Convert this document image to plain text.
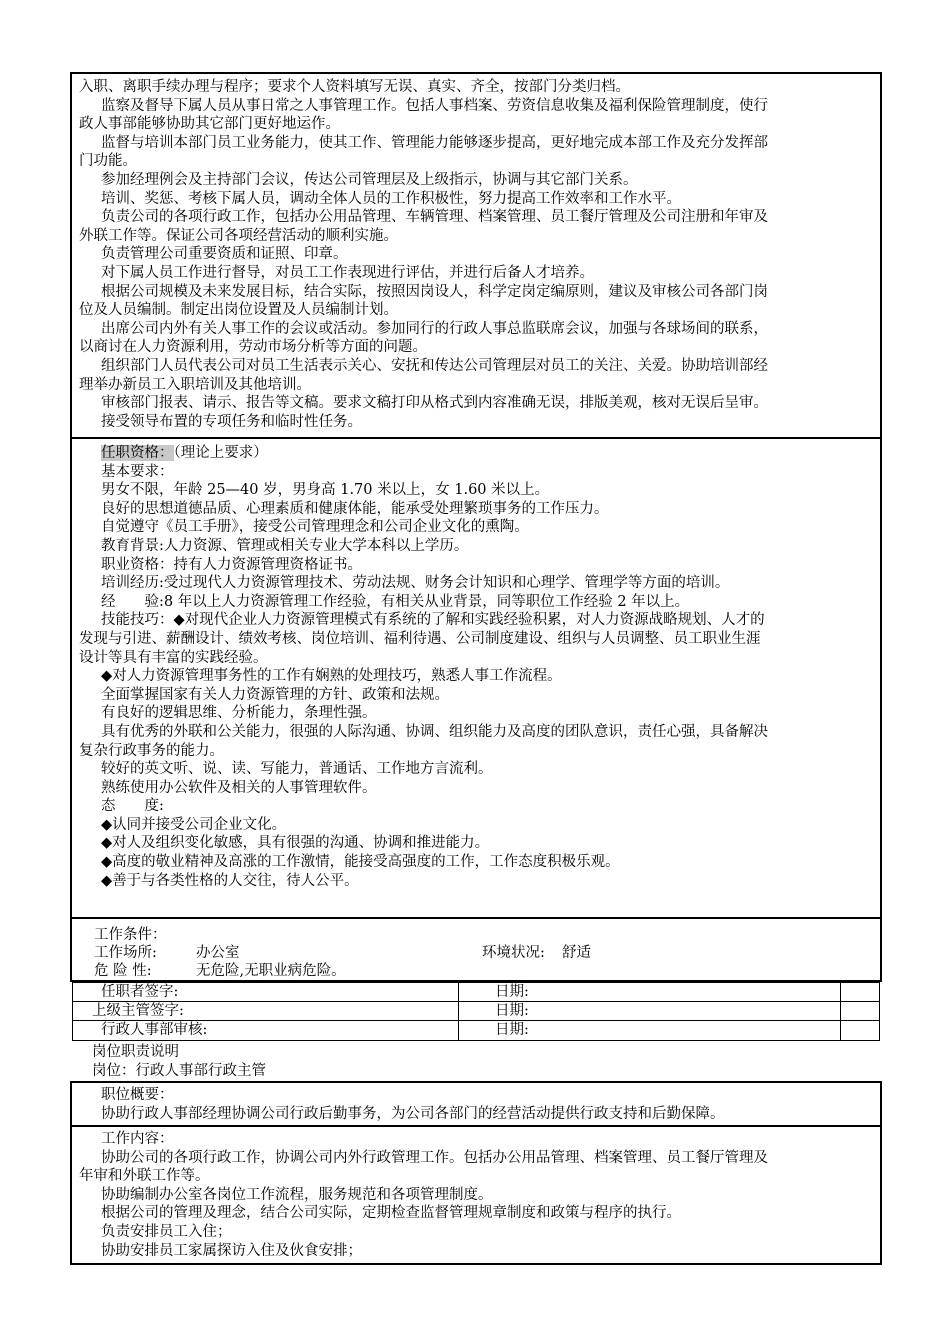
入职、离职手续办理与程序；要求个人资料填写无误、真实、齐全，按部门分类归档。
监察及督导下属人员从事日常之人事管理工作。包括人事档案、劳资信息收集及福利保险管理制度，使行
政人事部能够协助其它部门更好地运作。
监督与培训本部门员工业务能力，使其工作、管理能力能够逐步提高，更好地完成本部工作及充分发挥部
门功能。
参加经理例会及主持部门会议，传达公司管理层及上级指示，协调与其它部门关系。
培训、奖惩、考核下属人员，调动全体人员的工作积极性，努力提高工作效率和工作水平。
负责公司的各项行政工作，包括办公用品管理、车辆管理、档案管理、员工餐厅管理及公司注册和年审及
外联工作等。保证公司各项经营活动的顺利实施。
负责管理公司重要资质和证照、印章。
对下属人员工作进行督导，对员工工作表现进行评估，并进行后备人才培养。
根据公司规模及未来发展目标，结合实际，按照因岗设人，科学定岗定编原则，建议及审核公司各部门岗
位及人员编制。制定出岗位设置及人员编制计划。
出席公司内外有关人事工作的会议或活动。参加同行的行政人事总监联席会议，加强与各球场间的联系，
以商讨在人力资源利用，劳动市场分析等方面的问题。
组织部门人员代表公司对员工生活表示关心、安抚和传达公司管理层对员工的关注、关爱。协助培训部经
理举办新员工入职培训及其他培训。
审核部门报表、请示、报告等文稿。要求文稿打印从格式到内容准确无误，排版美观，核对无误后呈审。
接受领导布置的专项任务和临时性任务。
任职资格：（理论上要求）
基本要求：
男女不限，年龄 25—40 岁，男身高 1.70 米以上，女 1.60 米以上。
良好的思想道德品质、心理素质和健康体能，能承受处理繁琐事务的工作压力。
自觉遵守《员工手册》，接受公司管理理念和公司企业文化的熏陶。
教育背景:人力资源、管理或相关专业大学本科以上学历。
职业资格：持有人力资源管理资格证书。
培训经历:受过现代人力资源管理技术、劳动法规、财务会计知识和心理学、管理学等方面的培训。
经　　验:8 年以上人力资源管理工作经验，有相关从业背景，同等职位工作经验 2 年以上。
技能技巧：◆对现代企业人力资源管理模式有系统的了解和实践经验积累，对人力资源战略规划、人才的
发现与引进、薪酬设计、绩效考核、岗位培训、福利待遇、公司制度建设、组织与人员调整、员工职业生涯
设计等具有丰富的实践经验。
◆对人力资源管理事务性的工作有娴熟的处理技巧，熟悉人事工作流程。
全面掌握国家有关人力资源管理的方针、政策和法规。
有良好的逻辑思维、分析能力，条理性强。
具有优秀的外联和公关能力，很强的人际沟通、协调、组织能力及高度的团队意识，责任心强，具备解决
复杂行政事务的能力。
较好的英文听、说、读、写能力，普通话、工作地方言流利。
熟练使用办公软件及相关的人事管理软件。
态　　度:
◆认同并接受公司企业文化。
◆对人及组织变化敏感，具有很强的沟通、协调和推进能力。
◆高度的敬业精神及高涨的工作激情，能接受高强度的工作，工作态度积极乐观。
◆善于与各类性格的人交往，待人公平。
工作条件：
工作场所:	办公室	环境状况: 舒适
危 险 性:	无危险,无职业病危险。
任职者签字:	日期:
上级主管签字:	日期:
行政人事部审核:	日期:
岗位职责说明
岗位：行政人事部行政主管
职位概要：
协助行政人事部经理协调公司行政后勤事务，为公司各部门的经营活动提供行政支持和后勤保障。
工作内容：
协助公司的各项行政工作，协调公司内外行政管理工作。包括办公用品管理、档案管理、员工餐厅管理及
年审和外联工作等。
协助编制办公室各岗位工作流程，服务规范和各项管理制度。
根据公司的管理及理念，结合公司实际，定期检查监督管理规章制度和政策与程序的执行。
负责安排员工入住；
协助安排员工家属探访入住及伙食安排；
